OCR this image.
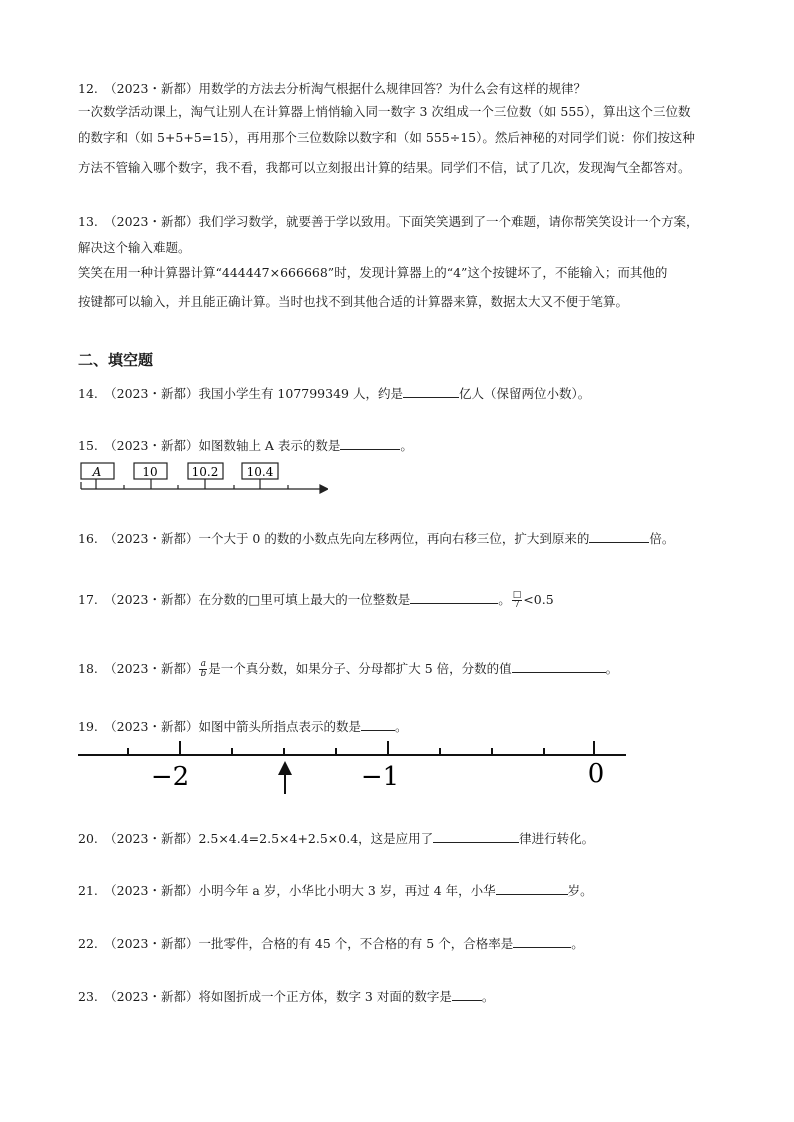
12.　（2023・新都）用数学的方法去分析淘气根据什么规律回答？为什么会有这样的规律？
一次数学活动课上，淘气让别人在计算器上悄悄输入同一数字 3 次组成一个三位数（如 555），算出这个三位数
的数字和（如 5+5+5=15），再用那个三位数除以数字和（如 555÷15）。然后神秘的对同学们说：你们按这种
方法不管输入哪个数字，我不看，我都可以立刻报出计算的结果。同学们不信，试了几次，发现淘气全都答对。
13.　（2023・新都）我们学习数学，就要善于学以致用。下面笑笑遇到了一个难题，请你帮笑笑设计一个方案，
解决这个输入难题。
笑笑在用一种计算器计算“444447×666668”时，发现计算器上的“4”这个按键坏了，不能输入；而其他的
按键都可以输入，并且能正确计算。当时也找不到其他合适的计算器来算，数据太大又不便于笔算。
二、填空题
14.　（2023・新都）我国小学生有 107799349 人，约是	亿人（保留两位小数）。
15.　（2023・新都）如图数轴上 A 表示的数是	。
A	10	10.2 10.4
16.　（2023・新都）一个大于 0 的数的小数点先向左移两位，再向右移三位，扩大到原来的	倍。
17.　（2023・新都）在分数的□里可填上最大的一位整数是	。 $\frac{□}{7} <0.5$
18.　（2023・新都） $\frac{a}{b}$ 是一个真分数，如果分子、分母都扩大 5 倍，分数的值	。
19.　（2023・新都）如图中箭头所指点表示的数是	。
−2	−1	0
20.　（2023・新都）2.5×4.4=2.5×4+2.5×0.4，这是应用了	律进行转化。
21.　（2023・新都）小明今年 a 岁，小华比小明大 3 岁，再过 4 年，小华	岁。
22.　（2023・新都）一批零件，合格的有 45 个，不合格的有 5 个，合格率是	。
23.　（2023・新都）将如图折成一个正方体，数字 3 对面的数字是 。
